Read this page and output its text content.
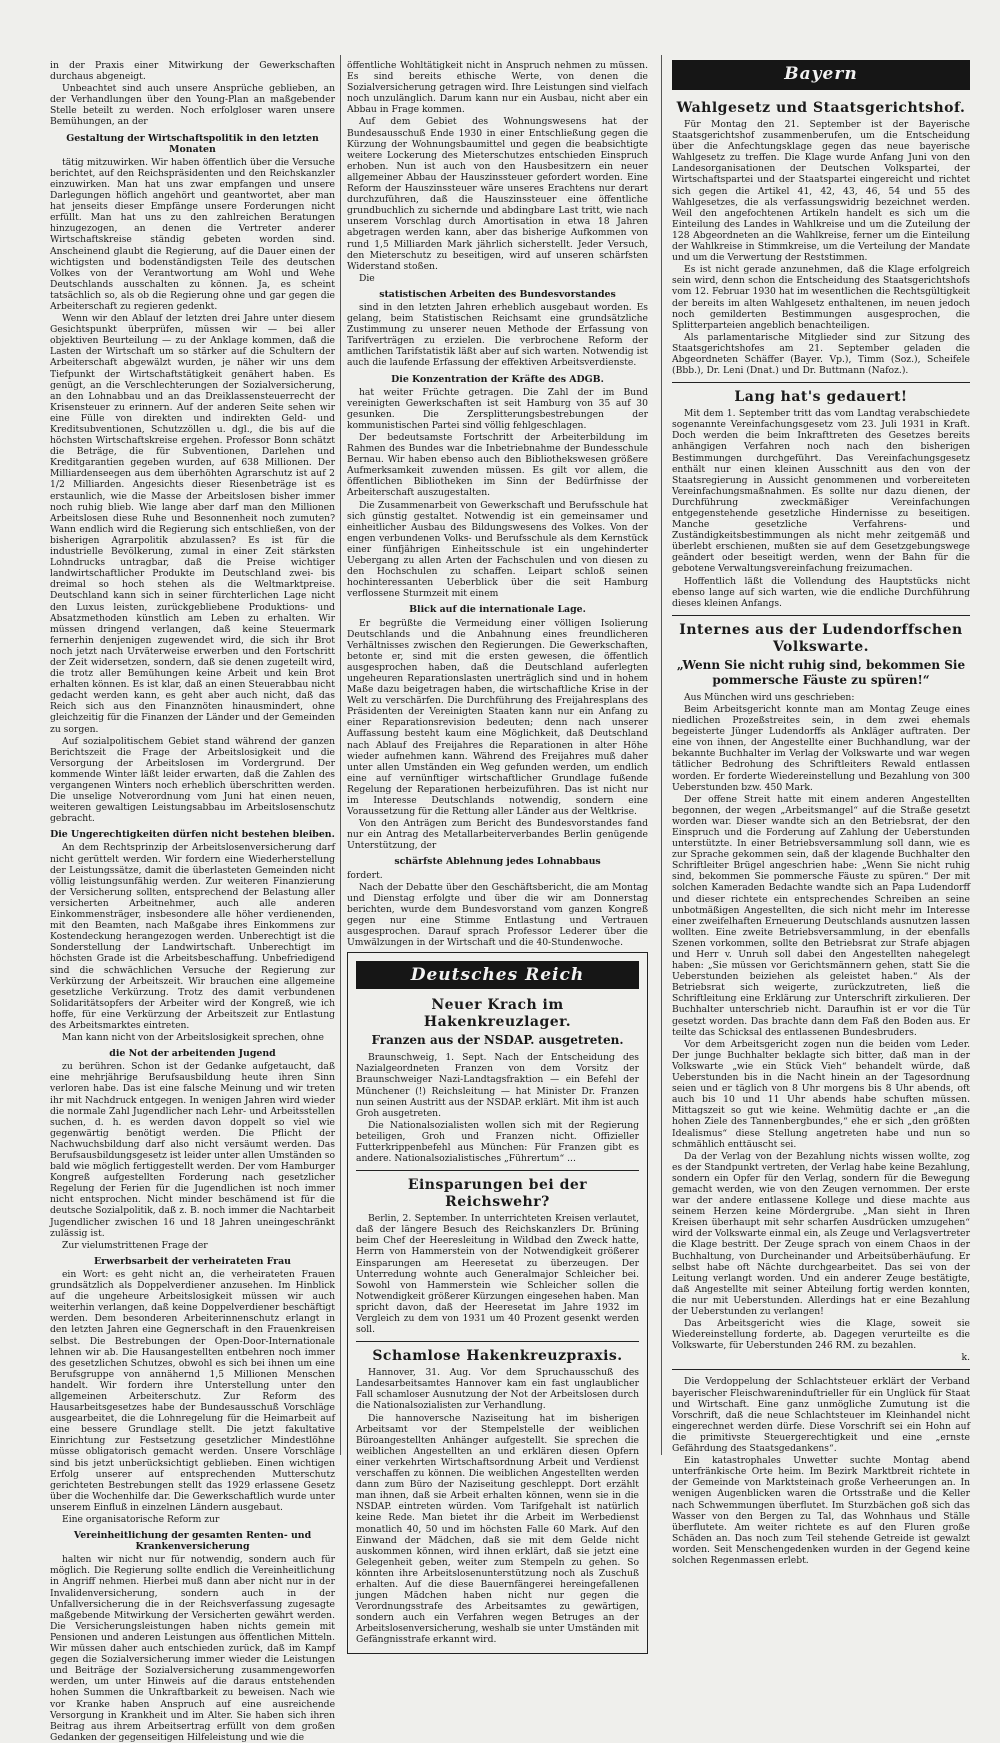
in der Praxis einer Mitwirkung der Gewerkschaften durchaus abgeneigt.

Unbeachtet sind auch unsere Ansprüche geblieben, an der Verhandlungen über den Young-Plan an maßgebender Stelle beteilt zu werden. Noch erfolgloser waren unsere Bemühungen, an der

Gestaltung der Wirtschaftspolitik in den letzten Monaten

tätig mitzuwirken. Wir haben öffentlich über die Versuche berichtet, auf den Reichspräsidenten und den Reichskanzler einzuwirken. Man hat uns zwar empfangen und unsere Darlegungen höflich angehört und geantwortet, aber man hat jenseits dieser Empfänge unsere Forderungen nicht erfüllt. Man hat uns zu den zahlreichen Beratungen hinzugezogen, an denen die Vertreter anderer Wirtschaftskreise ständig gebeten worden sind. Anscheinend glaubt die Regierung, auf die Dauer einen der wichtigsten und bodenständigsten Teile des deutschen Volkes von der Verantwortung am Wohl und Wehe Deutschlands ausschalten zu können. Ja, es scheint tatsächlich so, als ob die Regierung ohne und gar gegen die Arbeiterschaft zu regieren gedenkt.

Wenn wir den Ablauf der letzten drei Jahre unter diesem Gesichtspunkt überprüfen, müssen wir — bei aller objektiven Beurteilung — zu der Anklage kommen, daß die Lasten der Wirtschaft um so stärker auf die Schultern der Arbeiterschaft abgewälzt wurden, je näher wir uns dem Tiefpunkt der Wirtschaftstätigkeit genähert haben. Es genügt, an die Verschlechterungen der Sozialversicherung, an den Lohnabbau und an das Dreiklassensteuerrecht der Krisensteuer zu erinnern. Auf der anderen Seite sehen wir eine Fülle von direkten und indirekten Geld- und Kreditsubventionen, Schutzzöllen u. dgl., die bis auf die höchsten Wirtschaftskreise ergehen. Professor Bonn schätzt die Beträge, die für Subventionen, Darlehen und Kreditgarantien gegeben wurden, auf 638 Millionen. Der Milliardenseegen aus dem überhöhten Agrarschutz ist auf 2 1/2 Milliarden. Angesichts dieser Riesenbeträge ist es erstaunlich, wie die Masse der Arbeitslosen bisher immer noch ruhig blieb. Wie lange aber darf man den Millionen Arbeitslosen diese Ruhe und Besonnenheit noch zumuten? Wann endlich wird die Regierung sich entschließen, von der bisherigen Agrarpolitik abzulassen? Es ist für die industrielle Bevölkerung, zumal in einer Zeit stärksten Lohndrucks untragbar, daß die Preise wichtiger landwirtschaftlicher Produkte im Deutschland zwei- bis dreimal so hoch stehen als die Weltmarktpreise. Deutschland kann sich in seiner fürchterlichen Lage nicht den Luxus leisten, zurückgebliebene Produktions- und Absatzmethoden künstlich am Leben zu erhalten. Wir müssen dringend verlangen, daß keine Steuermark fernerhin denjenigen zugewendet wird, die sich ihr Brot noch jetzt nach Urväterweise erwerben und den Fortschritt der Zeit widersetzen, sondern, daß sie denen zugeteilt wird, die trotz aller Bemühungen keine Arbeit und kein Brot erhalten können. Es ist klar, daß an einen Steuerabbau nicht gedacht werden kann, es geht aber auch nicht, daß das Reich sich aus den Finanznöten hinausmindert, ohne gleichzeitig für die Finanzen der Länder und der Gemeinden zu sorgen.

Auf sozialpolitischem Gebiet stand während der ganzen Berichtszeit die Frage der Arbeitslosigkeit und die Versorgung der Arbeitslosen im Vordergrund. Der kommende Winter läßt leider erwarten, daß die Zahlen des vergangenen Winters noch erheblich überschritten werden. Die unselige Notverordnung vom Juni hat einen neuen, weiteren gewaltigen Leistungsabbau im Arbeitslosenschutz gebracht.

Die Ungerechtigkeiten dürfen nicht bestehen bleiben.

An dem Rechtsprinzip der Arbeitslosenversicherung darf nicht gerüttelt werden. Wir fordern eine Wiederherstellung der Leistungssätze, damit die überlasteten Gemeinden nicht völlig leistungsunfähig werden. Zur weiteren Finanzierung der Versicherung sollten, entsprechend der Belastung aller versicherten Arbeitnehmer, auch alle anderen Einkommensträger, insbesondere alle höher verdienenden, mit den Beamten, nach Maßgabe ihres Einkommens zur Kostendeckung herangezogen werden. Unberechtigt ist die Sonderstellung der Landwirtschaft. Unberechtigt im höchsten Grade ist die Arbeitsbeschaffung. Unbefriedigend sind die schwächlichen Versuche der Regierung zur Verkürzung der Arbeitszeit. Wir brauchen eine allgemeine gesetzliche Verkürzung. Trotz des damit verbundenen Solidaritätsopfers der Arbeiter wird der Kongreß, wie ich hoffe, für eine Verkürzung der Arbeitszeit zur Entlastung des Arbeitsmarktes eintreten.

Man kann nicht von der Arbeitslosigkeit sprechen, ohne

die Not der arbeitenden Jugend

zu berühren. Schon ist der Gedanke aufgetaucht, daß eine mehrjährige Berufsausbildung heute ihren Sinn verloren habe. Das ist eine falsche Meinung und wir treten ihr mit Nachdruck entgegen. In wenigen Jahren wird wieder die normale Zahl Jugendlicher nach Lehr- und Arbeitsstellen suchen, d. h. es werden davon doppelt so viel wie gegenwärtig benötigt werden. Die Pflicht der Nachwuchsbildung darf also nicht versäumt werden. Das Berufsausbildungsgesetz ist leider unter allen Umständen so bald wie möglich fertiggestellt werden. Der vom Hamburger Kongreß aufgestellten Forderung nach gesetzlicher Regelung der Ferien für die Jugendlichen ist noch immer nicht entsprochen. Nicht minder beschämend ist für die deutsche Sozialpolitik, daß z. B. noch immer die Nachtarbeit Jugendlicher zwischen 16 und 18 Jahren uneingeschränkt zulässig ist.

Zur vielumstrittenen Frage der

Erwerbsarbeit der verheirateten Frau

ein Wort: es geht nicht an, die verheirateten Frauen grundsätzlich als Doppelverdiener anzusehen. Im Hinblick auf die ungeheure Arbeitslosigkeit müssen wir auch weiterhin verlangen, daß keine Doppelverdiener beschäftigt werden. Dem besonderen Arbeiterinnenschutz erlangt in den letzten Jahren eine Gegnerschaft in den Frauenkreisen selbst. Die Bestrebungen der Open-Door-Internationale lehnen wir ab. Die Hausangestellten entbehren noch immer des gesetzlichen Schutzes, obwohl es sich bei ihnen um eine Berufsgruppe von annähernd 1,5 Millionen Menschen handelt. Wir fordern ihre Unterstellung unter den allgemeinen Arbeiterschutz. Zur Reform des Hausarbeitsgesetzes habe der Bundesausschuß Vorschläge ausgearbeitet, die die Lohnregelung für die Heimarbeit auf eine bessere Grundlage stellt. Die jetzt fakultative Einrichtung zur Festsetzung gesetzlicher Mindestlöhne müsse obligatorisch gemacht werden. Unsere Vorschläge sind bis jetzt unberücksichtigt geblieben. Einen wichtigen Erfolg unserer auf entsprechenden Mutterschutz gerichteten Bestrebungen stellt das 1929 erlassene Gesetz über die Wochenhilfe dar. Die Gewerkschaftlich wurde unter unserem Einfluß in einzelnen Ländern ausgebaut.

Eine organisatorische Reform zur

Vereinheitlichung der gesamten Renten- und Krankenversicherung

halten wir nicht nur für notwendig, sondern auch für möglich. Die Regierung sollte endlich die Vereinheitlichung in Angriff nehmen. Hierbei muß dann aber nicht nur in der Invalidenversicherung, sondern auch in der Unfallversicherung die in der Reichsverfassung zugesagte maßgebende Mitwirkung der Versicherten gewährt werden. Die Versicherungsleistungen haben nichts gemein mit Pensionen und anderen Leistungen aus öffentlichen Mitteln. Wir müssen daher auch entschieden zurück, daß im Kampf gegen die Sozialversicherung immer wieder die Leistungen und Beiträge der Sozialversicherung zusammengeworfen werden, um unter Hinweis auf die daraus entstehenden hohen Summen die Unkraftbarkeit zu beweisen. Nach wie vor Kranke haben Anspruch auf eine ausreichende Versorgung in Krankheit und im Alter. Sie haben sich ihren Beitrag aus ihrem Arbeitsertrag erfüllt von dem großen Gedanken der gegenseitigen Hilfeleistung und wie die

öffentliche Wohltätigkeit nicht in Anspruch nehmen zu müssen. Es sind bereits ethische Werte, von denen die Sozialversicherung getragen wird. Ihre Leistungen sind vielfach noch unzulänglich. Darum kann nur ein Ausbau, nicht aber ein Abbau in Frage kommen.

Auf dem Gebiet des Wohnungswesens hat der Bundesausschuß Ende 1930 in einer Entschließung gegen die Kürzung der Wohnungsbaumittel und gegen die beabsichtigte weitere Lockerung des Mieterschutzes entschieden Einspruch erhoben. Nun ist auch von den Hausbesitzern ein neuer allgemeiner Abbau der Hauszinssteuer gefordert worden. Eine Reform der Hauszinssteuer wäre unseres Erachtens nur derart durchzuführen, daß die Hauszinssteuer eine öffentliche grundbuchlich zu sichernde und abdingbare Last tritt, wie nach unserem Vorschlag durch Amortisation in etwa 18 Jahren abgetragen werden kann, aber das bisherige Aufkommen von rund 1,5 Milliarden Mark jährlich sicherstellt. Jeder Versuch, den Mieterschutz zu beseitigen, wird auf unseren schärfsten Widerstand stoßen.

Die

statistischen Arbeiten des Bundesvorstandes

sind in den letzten Jahren erheblich ausgebaut worden. Es gelang, beim Statistischen Reichsamt eine grundsätzliche Zustimmung zu unserer neuen Methode der Erfassung von Tarifverträgen zu erzielen. Die verbrochene Reform der amtlichen Tarifstatistik läßt aber auf sich warten. Notwendig ist auch die laufende Erfassung der effektiven Arbeitsverdienste.

Die Konzentration der Kräfte des ADGB.

hat weiter Früchte getragen. Die Zahl der im Bund vereinigten Gewerkschaften ist seit Hamburg von 35 auf 30 gesunken. Die Zersplitterungsbestrebungen der kommunistischen Partei sind völlig fehlgeschlagen.

Der bedeutsamste Fortschritt der Arbeiterbildung im Rahmen des Bundes war die Inbetriebnahme der Bundesschule Bernau. Wir haben ebenso auch den Bibliothekswesen größere Aufmerksamkeit zuwenden müssen. Es gilt vor allem, die öffentlichen Bibliotheken im Sinn der Bedürfnisse der Arbeiterschaft auszugestalten.

Die Zusammenarbeit von Gewerkschaft und Berufsschule hat sich günstig gestaltet. Notwendig ist ein gemeinsamer und einheitlicher Ausbau des Bildungswesens des Volkes. Von der engen verbundenen Volks- und Berufsschule als dem Kernstück einer fünfjährigen Einheitsschule ist ein ungehinderter Uebergang zu allen Arten der Fachschulen und von diesen zu den Hochschulen zu schaffen. Leipart schloß seinen hochinteressanten Ueberblick über die seit Hamburg verflossene Sturmzeit mit einem

Blick auf die internationale Lage.

Er begrüßte die Vermeidung einer völligen Isolierung Deutschlands und die Anbahnung eines freundlicheren Verhältnisses zwischen den Regierungen. Die Gewerkschaften, betonte er, sind mit die ersten gewesen, die öffentlich ausgesprochen haben, daß die Deutschland auferlegten ungeheuren Reparationslasten unerträglich sind und in hohem Maße dazu beigetragen haben, die wirtschaftliche Krise in der Welt zu verschärfen. Die Durchführung des Freijahresplans des Präsidenten der Vereinigten Staaten kann nur ein Anfang zu einer Reparationsrevision bedeuten; denn nach unserer Auffassung besteht kaum eine Möglichkeit, daß Deutschland nach Ablauf des Freijahres die Reparationen in alter Höhe wieder aufnehmen kann. Während des Freijahres muß daher unter allen Umständen ein Weg gefunden werden, um endlich eine auf vernünftiger wirtschaftlicher Grundlage fußende Regelung der Reparationen herbeizuführen. Das ist nicht nur im Interesse Deutschlands notwendig, sondern eine Voraussetzung für die Rettung aller Länder aus der Weltkrise.

Von den Anträgen zum Bericht des Bundesvorstandes fand nur ein Antrag des Metallarbeiterverbandes Berlin genügende Unterstützung, der

schärfste Ablehnung jedes Lohnabbaus

fordert.

Nach der Debatte über den Geschäftsbericht, die am Montag und Dienstag erfolgte und über die wir am Donnerstag berichten, wurde dem Bundesvorstand vom ganzen Kongreß gegen nur eine Stimme Entlastung und Vertrauen ausgesprochen. Darauf sprach Professor Lederer über die Umwälzungen in der Wirtschaft und die 40-Stundenwoche.

Deutsches Reich
Neuer Krach im Hakenkreuzlager.
Franzen aus der NSDAP. ausgetreten.

Braunschweig, 1. Sept. Nach der Entscheidung des Nazialgeordneten Franzen von dem Vorsitz der Braunschweiger Nazi-Landtagsfraktion — ein Befehl der Münchener (!) Reichsleitung — hat Minister Dr. Franzen nun seinen Austritt aus der NSDAP. erklärt. Mit ihm ist auch Groh ausgetreten.

Die Nationalsozialisten wollen sich mit der Regierung beteiligen, Groh und Franzen nicht. Offizieller Futterkrippenbefehl aus München: Für Franzen gibt es andere. Nationalsozialistisches „Führertum“ ...

Einsparungen bei der Reichswehr?

Berlin, 2. September. In unterrichteten Kreisen verlautet, daß der längere Besuch des Reichskanzlers Dr. Brüning beim Chef der Heeresleitung in Wildbad den Zweck hatte, Herrn von Hammerstein von der Notwendigkeit größerer Einsparungen am Heeresetat zu überzeugen. Der Unterredung wohnte auch Generalmajor Schleicher bei. Sowohl von Hammerstein wie Schleicher sollen die Notwendigkeit größerer Kürzungen eingesehen haben. Man spricht davon, daß der Heeresetat im Jahre 1932 im Vergleich zu dem von 1931 um 40 Prozent gesenkt werden soll.

Schamlose Hakenkreuzpraxis.

Hannover, 31. Aug. Vor dem Spruchausschuß des Landesarbeitsamtes Hannover kam ein fast unglaublicher Fall schamloser Ausnutzung der Not der Arbeitslosen durch die Nationalsozialisten zur Verhandlung.

Die hannoversche Naziseitung hat im bisherigen Arbeitsamt vor der Stempelstelle der weiblichen Büroangestellten Anhänger aufgestellt. Sie sprechen die weiblichen Angestellten an und erklären diesen Opfern einer verkehrten Wirtschaftsordnung Arbeit und Verdienst verschaffen zu können. Die weiblichen Angestellten werden dann zum Büro der Naziseitung geschleppt. Dort erzählt man ihnen, daß sie Arbeit erhalten können, wenn sie in die NSDAP. eintreten würden. Vom Tarifgehalt ist natürlich keine Rede. Man bietet ihr die Arbeit im Werbedienst monatlich 40, 50 und im höchsten Falle 60 Mark. Auf den Einwand der Mädchen, daß sie mit dem Gelde nicht auskommen können, wird ihnen erklärt, daß sie jetzt eine Gelegenheit geben, weiter zum Stempeln zu gehen. So könnten ihre Arbeitslosenunterstützung noch als Zuschuß erhalten. Auf die diese Bauernfängerei hereingefallenen jungen Mädchen haben nicht nur gegen die Verordnungsstrafe des Arbeitsamtes zu gewärtigen, sondern auch ein Verfahren wegen Betruges an der Arbeitslosenversicherung, weshalb sie unter Umständen mit Gefängnisstrafe erkannt wird.

Bayern
Wahlgesetz und Staatsgerichtshof.

Für Montag den 21. September ist der Bayerische Staatsgerichtshof zusammenberufen, um die Entscheidung über die Anfechtungsklage gegen das neue bayerische Wahlgesetz zu treffen. Die Klage wurde Anfang Juni von den Landesorganisationen der Deutschen Volkspartei, der Wirtschaftspartei und der Staatspartei eingereicht und richtet sich gegen die Artikel 41, 42, 43, 46, 54 und 55 des Wahlgesetzes, die als verfassungswidrig bezeichnet werden. Weil den angefochtenen Artikeln handelt es sich um die Einteilung des Landes in Wahlkreise und um die Zuteilung der 128 Abgeordneten an die Wahlkreise, ferner um die Einteilung der Wahlkreise in Stimmkreise, um die Verteilung der Mandate und um die Verwertung der Reststimmen.

Es ist nicht gerade anzunehmen, daß die Klage erfolgreich sein wird, denn schon die Entscheidung des Staatsgerichtshofs vom 12. Februar 1930 hat im wesentlichen die Rechtsgültigkeit der bereits im alten Wahlgesetz enthaltenen, im neuen jedoch noch gemilderten Bestimmungen ausgesprochen, die Splitterparteien angeblich benachteiligen.

Als parlamentarische Mitglieder sind zur Sitzung des Staatsgerichtshofes am 21. September geladen die Abgeordneten Schäffer (Bayer. Vp.), Timm (Soz.), Scheifele (Bbb.), Dr. Leni (Dnat.) und Dr. Buttmann (Nafoz.).

Lang hat's gedauert!

Mit dem 1. September tritt das vom Landtag verabschiedete sogenannte Vereinfachungsgesetz vom 23. Juli 1931 in Kraft. Doch werden die beim Inkrafttreten des Gesetzes bereits anhängigen Verfahren noch nach den bisherigen Bestimmungen durchgeführt. Das Vereinfachungsgesetz enthält nur einen kleinen Ausschnitt aus den von der Staatsregierung in Aussicht genommenen und vorbereiteten Vereinfachungsmaßnahmen. Es sollte nur dazu dienen, der Durchführung zweckmäßiger Vereinfachungen entgegenstehende gesetzliche Hindernisse zu beseitigen. Manche gesetzliche Verfahrens- und Zuständigkeitsbestimmungen als nicht mehr zeitgemäß und überlebt erschienen, mußten sie auf dem Gesetzgebungswege geändert oder beseitigt werden, wenn der Bahn für die gebotene Verwaltungsvereinfachung freizumachen.

Hoffentlich läßt die Vollendung des Hauptstücks nicht ebenso lange auf sich warten, wie die endliche Durchführung dieses kleinen Anfangs.

Internes aus der Ludendorffschen Volkswarte.
„Wenn Sie nicht ruhig sind, bekommen Sie pommersche Fäuste zu spüren!“

Aus München wird uns geschrieben:

Beim Arbeitsgericht konnte man am Montag Zeuge eines niedlichen Prozeßstreites sein, in dem zwei ehemals begeisterte Jünger Ludendorffs als Ankläger auftraten. Der eine von ihnen, der Angestellte einer Buchhandlung, war der bekannte Buchhalter im Verlag der Volkswarte und war wegen tätlicher Bedrohung des Schriftleiters Rewald entlassen worden. Er forderte Wiedereinstellung und Bezahlung von 300 Ueberstunden bzw. 450 Mark.

Der offene Streit hatte mit einem anderen Angestellten begonnen, der wegen „Arbeitsmangel“ auf die Straße gesetzt worden war. Dieser wandte sich an den Betriebsrat, der den Einspruch und die Forderung auf Zahlung der Ueberstunden unterstützte. In einer Betriebsversammlung soll dann, wie es zur Sprache gekommen sein, daß der klagende Buchhalter den Schriftleiter Brügel angeschrien habe: „Wenn Sie nicht ruhig sind, bekommen Sie pommersche Fäuste zu spüren.“ Der mit solchen Kameraden Bedachte wandte sich an Papa Ludendorff und dieser richtete ein entsprechendes Schreiben an seine unbotmäßigen Angestellten, die sich nicht mehr im Interesse einer zweifelhaften Erneuerung Deutschlands ausnutzen lassen wollten. Eine zweite Betriebsversammlung, in der ebenfalls Szenen vorkommen, sollte den Betriebsrat zur Strafe abjagen und Herr v. Unruh soll dabei den Angestellten nahegelegt haben: „Sie müssen vor Gerichtsmännern gehen, statt Sie die Ueberstunden beiziehen als geleistet haben.“ Als der Betriebsrat sich weigerte, zurückzutreten, ließ die Schriftleitung eine Erklärung zur Unterschrift zirkulieren. Der Buchhalter unterschrieb nicht. Daraufhin ist er vor die Tür gesetzt worden. Das brachte dann dem Faß den Boden aus. Er teilte das Schicksal des entlassenen Bundesbruders.

Vor dem Arbeitsgericht zogen nun die beiden vom Leder. Der junge Buchhalter beklagte sich bitter, daß man in der Volkswarte „wie ein Stück Vieh“ behandelt würde, daß Ueberstunden bis in die Nacht hinein an der Tagesordnung seien und er täglich von 8 Uhr morgens bis 8 Uhr abends, oft auch bis 10 und 11 Uhr abends habe schuften müssen. Mittagszeit so gut wie keine. Wehmütig dachte er „an die hohen Ziele des Tannenbergbundes,“ ehe er sich „den größten Idealismus“ diese Stellung angetreten habe und nun so schmählich enttäuscht sei.

Da der Verlag von der Bezahlung nichts wissen wollte, zog es der Standpunkt vertreten, der Verlag habe keine Bezahlung, sondern ein Opfer für den Verlag, sondern für die Bewegung gemacht werden, wie von den Zeugen vernommen. Der erste war der andere entlassene Kollege und diese machte aus seinem Herzen keine Mördergrube. „Man sieht in Ihren Kreisen überhaupt mit sehr scharfen Ausdrücken umzugehen“ wird der Volkswarte einmal ein, als Zeuge und Verlagsvertreter die Klage bestritt. Der Zeuge sprach von einem Chaos in der Buchhaltung, von Durcheinander und Arbeitsüberhäufung. Er selbst habe oft Nächte durchgearbeitet. Das sei von der Leitung verlangt worden. Und ein anderer Zeuge bestätigte, daß Angestellte mit seiner Abteilung fortig werden konnten, die nur mit Ueberstunden. Allerdings hat er eine Bezahlung der Ueberstunden zu verlangen!

Das Arbeitsgericht wies die Klage, soweit sie Wiedereinstellung forderte, ab. Dagegen verurteilte es die Volkswarte, für Ueberstunden 246 RM. zu bezahlen.

k.

Die Verdoppelung der Schlachtsteuer erklärt der Verband bayerischer Fleischwareninduſtrieller für ein Unglück für Staat und Wirtschaft. Eine ganz unmögliche Zumutung ist die Vorschrift, daß die neue Schlachtsteuer im Kleinhandel nicht eingerechnet werden dürfe. Diese Vorschrift sei ein Hohn auf die primitivste Steuergerechtigkeit und eine „ernste Gefährdung des Staatsgedankens“.

Ein katastrophales Unwetter suchte Montag abend unterfränkische Orte heim. Im Bezirk Marktbreit richtete in der Gemeinde von Marktsteinach große Verheerungen an. In wenigen Augenblicken waren die Ortsstraße und die Keller nach Schwemmungen überflutet. Im Sturzbächen goß sich das Wasser von den Bergen zu Tal, das Wohnhaus und Ställe überflutete. Am weiter richtete es auf den Fluren große Schäden an. Das noch zum Teil stehende Getreide ist gewalzt worden. Seit Menschengedenken wurden in der Gegend keine solchen Regenmassen erlebt.
